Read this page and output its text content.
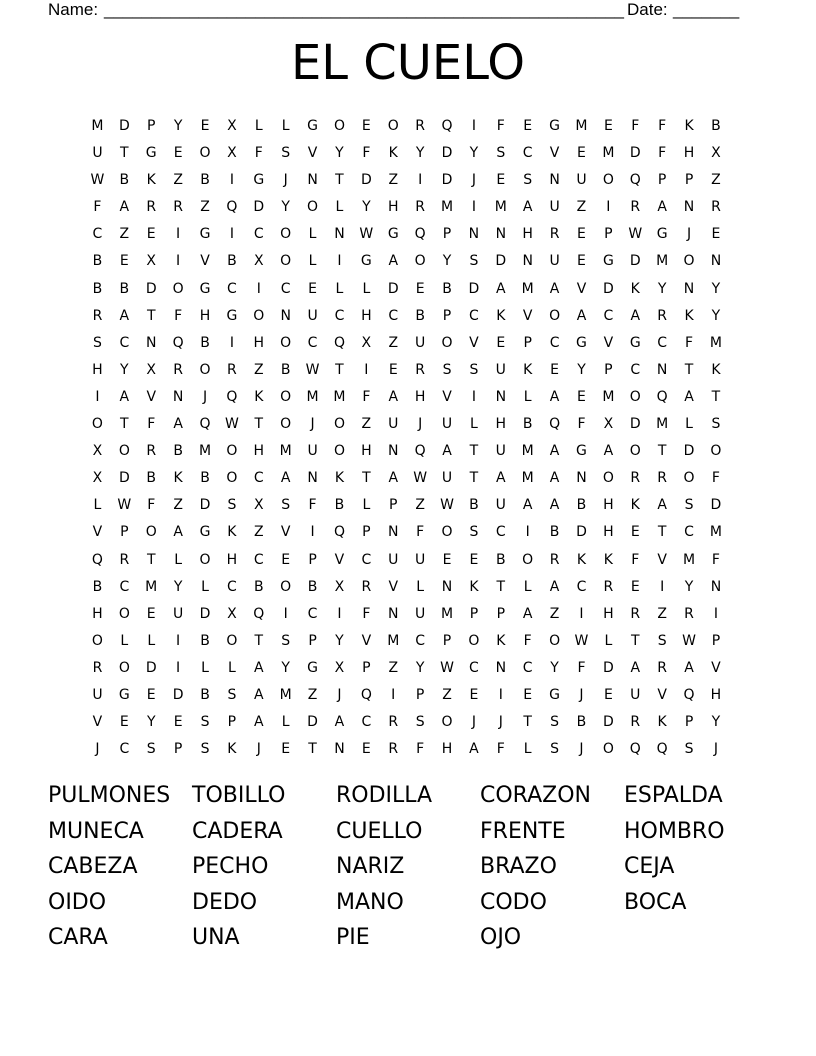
Name: _______________________________________________________ Date: _______
EL CUELO
M	D	P	Y	E	X	L	L	G	O	E	O	R	Q	I	F	E	G	M	E	F	F	K	B
U	T	G	E	O	X	F	S	V	Y	F	K	Y	D	Y	S	C	V	E	M	D	F	H	X
W	B	K	Z	B	I	G	J	N	T	D	Z	I	D	J	E	S	N	U	O	Q	P	P	Z
F	A	R	R	Z	Q	D	Y	O	L	Y	H	R	M	I	M	A	U	Z	I	R	A	N	R
C	Z	E	I	G	I	C	O	L	N	W	G	Q	P	N	N	H	R	E	P	W	G	J	E
B	E	X	I	V	B	X	O	L	I	G	A	O	Y	S	D	N	U	E	G	D	M	O	N
B	B	D	O	G	C	I	C	E	L	L	D	E	B	D	A	M	A	V	D	K	Y	N	Y
R	A	T	F	H	G	O	N	U	C	H	C	B	P	C	K	V	O	A	C	A	R	K	Y
S	C	N	Q	B	I	H	O	C	Q	X	Z	U	O	V	E	P	C	G	V	G	C	F	M
H	Y	X	R	O	R	Z	B	W	T	I	E	R	S	S	U	K	E	Y	P	C	N	T	K
I	A	V	N	J	Q	K	O	M	M	F	A	H	V	I	N	L	A	E	M	O	Q	A	T
O	T	F	A	Q	W	T	O	J	O	Z	U	J	U	L	H	B	Q	F	X	D	M	L	S
X	O	R	B	M	O	H	M	U	O	H	N	Q	A	T	U	M	A	G	A	O	T	D	O
X	D	B	K	B	O	C	A	N	K	T	A	W	U	T	A	M	A	N	O	R	R	O	F
L	W	F	Z	D	S	X	S	F	B	L	P	Z	W	B	U	A	A	B	H	K	A	S	D
V	P	O	A	G	K	Z	V	I	Q	P	N	F	O	S	C	I	B	D	H	E	T	C	M
Q	R	T	L	O	H	C	E	P	V	C	U	U	E	E	B	O	R	K	K	F	V	M	F
B	C	M	Y	L	C	B	O	B	X	R	V	L	N	K	T	L	A	C	R	E	I	Y	N
H	O	E	U	D	X	Q	I	C	I	F	N	U	M	P	P	A	Z	I	H	R	Z	R	I
O	L	L	I	B	O	T	S	P	Y	V	M	C	P	O	K	F	O	W	L	T	S	W	P
R	O	D	I	L	L	A	Y	G	X	P	Z	Y	W	C	N	C	Y	F	D	A	R	A	V
U	G	E	D	B	S	A	M	Z	J	Q	I	P	Z	E	I	E	G	J	E	U	V	Q	H
V	E	Y	E	S	P	A	L	D	A	C	R	S	O	J	J	T	S	B	D	R	K	P	Y
J	C	S	P	S	K	J	E	T	N	E	R	F	H	A	F	L	S	J	O	Q	Q	S	J
PULMONES TOBILLO	RODILLA	CORAZON	ESPALDA
MUNECA	CADERA	CUELLO	FRENTE	HOMBRO
CABEZA	PECHO	NARIZ	BRAZO	CEJA
OIDO	DEDO	MANO	CODO	BOCA
CARA	UNA	PIE	OJO
